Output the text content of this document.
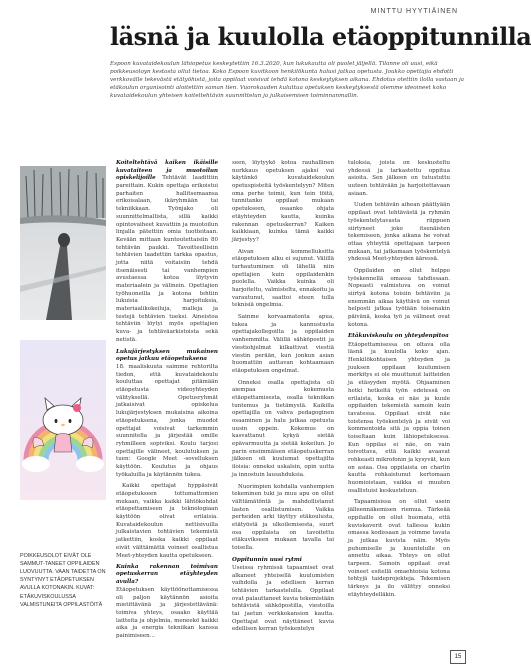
MINTTU HYYTIÄINEN
läsnä ja kuulolla etäoppitunnilla

Espoon kuvataidekoulun lähiopetus keskeytettiin 16.3.2020, kun lukukautta oli puolet jäljellä. Tilanne oli uusi, eikä poikkeusoloyn kestosta ollut tietoa. Koko Espoon kuvitkoon henkilökunta halusi jatkaa opetusta. Joukko opettajia ehdotti verkkovälle tekevästä etätyöhistä, joita oppilaat voisivat tehdä kotona keskeytyksen aikana. Ehdotus otettiin ilolla vastaan ja etäkoulun organisointi aloitettiin saman tien. Vuorokauden kuluttua opetuksen keskeytyksestä olemme ideoineet koko kuvataidekoulun yhteisen koiteltehtävin suunnittelun ja julkaisemisen toiminnanmallin.

POIKKEUSOLOT EIVÄT OLE SAMMUT-TANEET OPPILAIDEN LUOVUUTTA. VAAN TAIDETTA ON SYNTYNYT ETÄOPETUKSEN AVULLA KOTONAKIN. KUVAT: ETÄKUVISKOULUSSA VALMISTUNEITA OPPILASTÖITÄ

Koiteltehtävä kaiken ikäisille kuvataiteen ja muotoilun opiskelijoille Tehtävät laadittiin pareittain. Kukin opettaja erikoistui parhaiten hallitsemaansa erikoisalaan, ikäryhmään tai tekniikkaan. Työnjako oli suunnittelmallista, sillä kaikki opintovaiheet kuvattiin ja muotoilun linjalla pätettiin omia tuotteitaan. Kevään mittaan kuntoutettaisiin 80 tehtävän paukki. Tavoitteellisiin tehtävien laadettiin tarkka opastus, jotta niitä voitaisiin tehdä itsenäisesti tai vanhempien avustaessa kotoa löytyvin materiaalein ja välinein. Opettajien työhuoneilla ja kotona tehtiin lukuisia harjoituksia, materiaalikokeiluja, malleja ja testejä tehtävien tueksi. Aineistoa tehtäviin löytyi myös opettajien kuva- ja tehtäväarkistoista sekä netistä.

Lukujärjestyksen mukainen opetus jatkuu etäopetuksena

18. maaliskuuta saimme rehtorilta tiedon, että kuvataidekoulu kouluttaa opettajat pitämään etäopetusta videoyhteyden välityksellä. Opetusryhmät jatkaisivat opiskelua lukujärjestyksen mukaisina aikoina etäopetuksena, jonka muodot opettajat voisivat tarkemmin suunnitella ja järjestää omille ryhmilleen sopiviksi. Koulu tarjosi opettajille välineet, koulutuksen ja tuen: Google Meet -sovelluksen käyttöön. Koulutus ja ohjaus työkaluilla ja käytännön tukea.

Kaikki opettajat hyppäsivät etäopetukseen tottumattomien mukaan, vaikka kaikki lähtökohdat etäopettamiseen ja teknologiaan käyttöön olivat erilaisia. Kuvataidekoulun nettisivuilla julkaistavien tehtävien tekemistä jatkettiin, koska kaikki oppilaat eivät välttämättä voineet osallistua Meet-yhteyden kautta opetukseen.

Kuinka rakennan toimivan opetuskerran etäyhteyden avulla?

Etäopetuksen käyttöönottamisessa oli paljon käytännön asioita mietittävänä ja järjestettävänä: toimiva yhteys, osaako käyttää laitteita ja ohjelmia, meneekö kaikki aika ja energia tekniikan kanssa painimiseen...

seen, löytyykö kotoa rauhallinen nurkkaus opetuksen ajaksi vai käytänkö kuvataidekoulun opetuspisteitä työskentelyyn? Miten oma perhe toimii, kun tein töitä, tunnitanko oppilaat mukaan opetukseen, osaanko ohjata etäyhteyden kautta, kuinka rakennan opetuskerran? Kaiken kaikkiaan, kuinka tämä kaikki järjestyy?

Aivan kommelluksitta etäopetuksen alku ei sujunut. Välillä turhautuminen oli lähellä niin opettajien kuin oppilaidenkin puolella. Vaikka kuinka oli harjoiteltu, valmisteltu, ennakoitu ja varautunut, saattoi eteen tulla teknisiä ongelmia.

Sainme korvaamatonta apua, tukea ja kannustusta opettajakollegoilta ja oppilaiden vanhemmilta. Välillä sähköpostit ja viestiohjelmat kilkattivat viestiä viestin perään, kun jonkun asian huomattiin auttavan kohtaamaan etäopetuksen ongelmat.

Onneksi osalla opettajista oli aiempaa kokemusta etäopettamisesta, osalla tekniikan tuntemus ja tietämystä. Kaikilla opettajilla on vahva pedagoginen osaaminen ja halu jatkaa opetusta uusin oppein. Kokemus on kasvattanut kykyä sietää epävarmuutta ja sietää kokeilun. Jo parin ensimmäisen etäopetuskerran jälkeen oli kuulumat opettajilta iloisia: onneksi uskalsin, opin uutta ja innostuin lausahduksia.

Nuorimpien kohdalla vanhempien tekeminen tuki ja muu apu on ollut välttämätöntä ja mahdollistanut lasten osallistumisen. Vaikka perheiden arki täyttyy etäkoulusta, etätyöstä ja ulkoilemisesta, suurt osa oppilaista on tavoitettu etäkuvikseen mukaan tavalla tai toisella.

Oppitunnin uusi rytmi

Useissa ryhmissä tapaamiset ovat alkaneet yhteisellä kuulumisten vaihdolla ja edellisen kerran tehtävien tarkastelulla. Oppilaat ovat palauttaneet kuvia tekemistään tehtävistä sähköpostilla, viestoilla tai jaetun verkkokansion kautta. Opettajat ovat näyttäneet kuvia edellisen kerran työskentelyn

tuloksia, joista on keskusteltu yhdessä ja tarkastettu oppitua asioita. Sen jälkeen on tutustuttu uuteen tehtävään ja harjoitettavaan asiaan.

Uuden tehtävän aihean päättyään oppilaat ovat tehtävästä ja ryhmän työskentelytavasta riippuen siirtyneet joko itsenäisten tekemiseen, jonka aikana he voivat ottaa yhteyttä opettajaan tarpeen mukaan, tai jatkamaan työskentelyä yhdessä Meet-yhteyden ääressä.

Oppilaiden on ollut helppo työskennellä omassa tahdissaan. Nopeasti valmistuva on voinut siirtyä kotona toisiin tehtäviin ja enemmän aikaa käyttävä on voinut helposti jatkaa työtään toisenakin päivänä, koska työ ja välineet ovat kotona.

Etäkuviskoulu on yhteydenpitoa

Etäopettamisessa on oltava olla läsnä ja kuulolla koko ajan. Henkilökohtaisen yhteyden ja juuksen oppilaan kuulumisen merkitys ei ole muuttunut laitteiden ja etäsyyden myötä. Ohjaaminen hetki hetkeltä työn edetessä on erilaista, koska ei näe ja kuule oppilaiden tekemistä samoin kuin tavatessa. Oppilaat eivät näe toistensa työskentelyä ja eivät voi kommentoida sitä ja oppia toinen toiseltaan kuin lähiopetuksessa. Kun oppilas ei näe, on vain toivottava, että kaikki avaavat rohkeasti mikrofonin ja kysyvät, kun on asiaa. Osa oppilaista on charlin kautta rohkaistunut kertomaan huomioistaan, vaikka ei muuten osallistuisi keskusteluun.

Tapaamisissa on ollut usein jälleennäkemisen riemua. Tärkeää oppilaille on ollut huomata, että kuviskaverit ovat tallessa kukin omassa kodissaan ja voimme tavata ja jutkaa kuvista näin. Myös puhumiselle ja kuuntelulle on annettu aikaa. Yhteys on ollut tarpeen. Samoin oppilaat ovat voineet esitellä omaehtoisia kotona tehtyjä taideprojekteja. Tekemisen tärkeys ja ilo välittyy onneksi etäyhteydelläkin.

15
